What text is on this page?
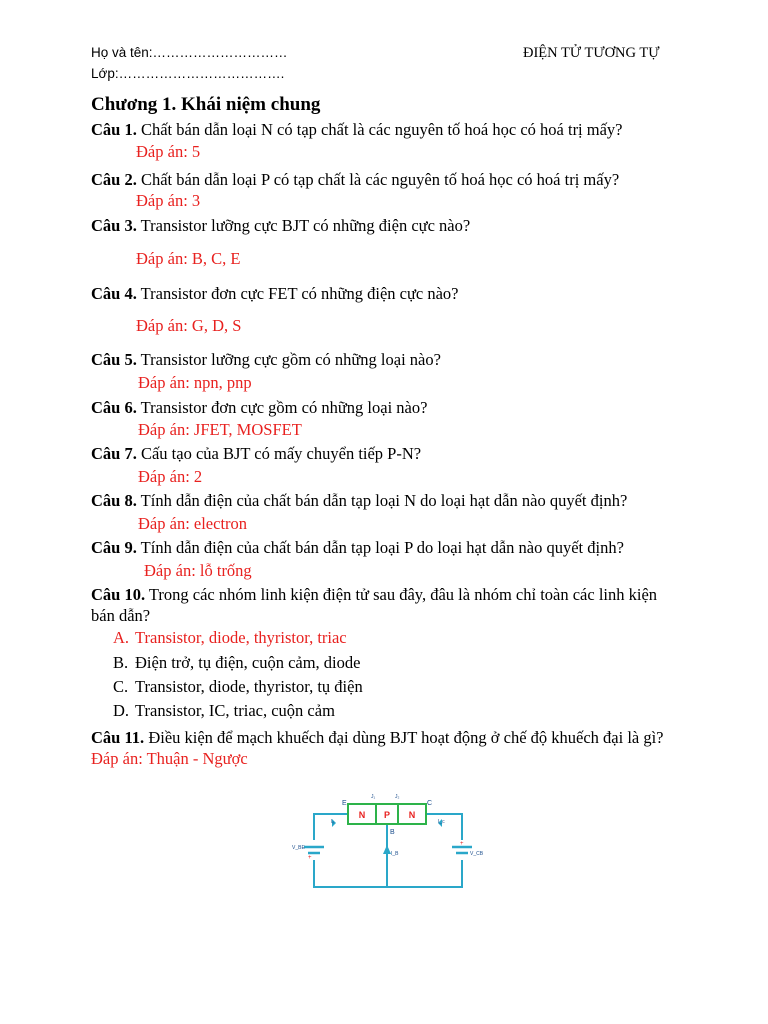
Họ và tên:…………………………
Lớp:……………………………….
ĐIỆN TỬ TƯƠNG TỰ
Chương 1. Khái niệm chung
Câu 1. Chất bán dẫn loại N có tạp chất là các nguyên tố hoá học có hoá trị mấy?
Đáp án: 5
Câu 2. Chất bán dẫn loại P có tạp chất là các nguyên tố hoá học có hoá trị mấy?
Đáp án: 3
Câu 3. Transistor lưỡng cực BJT có những điện cực nào?
Đáp án: B, C, E
Câu 4. Transistor đơn cực FET có những điện cực nào?
Đáp án: G, D, S
Câu 5. Transistor lưỡng cực gồm có những loại nào?
Đáp án: npn, pnp
Câu 6. Transistor đơn cực gồm có những loại nào?
Đáp án: JFET, MOSFET
Câu 7. Cấu tạo của BJT có mấy chuyển tiếp P-N?
Đáp án: 2
Câu 8. Tính dẫn điện của chất bán dẫn tạp loại N do loại hạt dẫn nào quyết định?
Đáp án: electron
Câu 9. Tính dẫn điện của chất bán dẫn tạp loại P do loại hạt dẫn nào quyết định?
Đáp án: lỗ trống
Câu 10. Trong các nhóm linh kiện điện tử sau đây, đâu là nhóm chỉ toàn các linh kiện bán dẫn?
A. Transistor, diode, thyristor, triac
B. Điện trở, tụ điện, cuộn cảm, diode
C. Transistor, diode, thyristor, tụ điện
D. Transistor, IC, triac, cuộn cảm
Câu 11. Điều kiện để mạch khuếch đại dùng BJT hoạt động ở chế độ khuếch đại là gì? Đáp án: Thuận - Ngược
N P N
E	C
B
J₁	J₂
Iₑ	I_c
I_B
V_BE
V_CB
+
+
